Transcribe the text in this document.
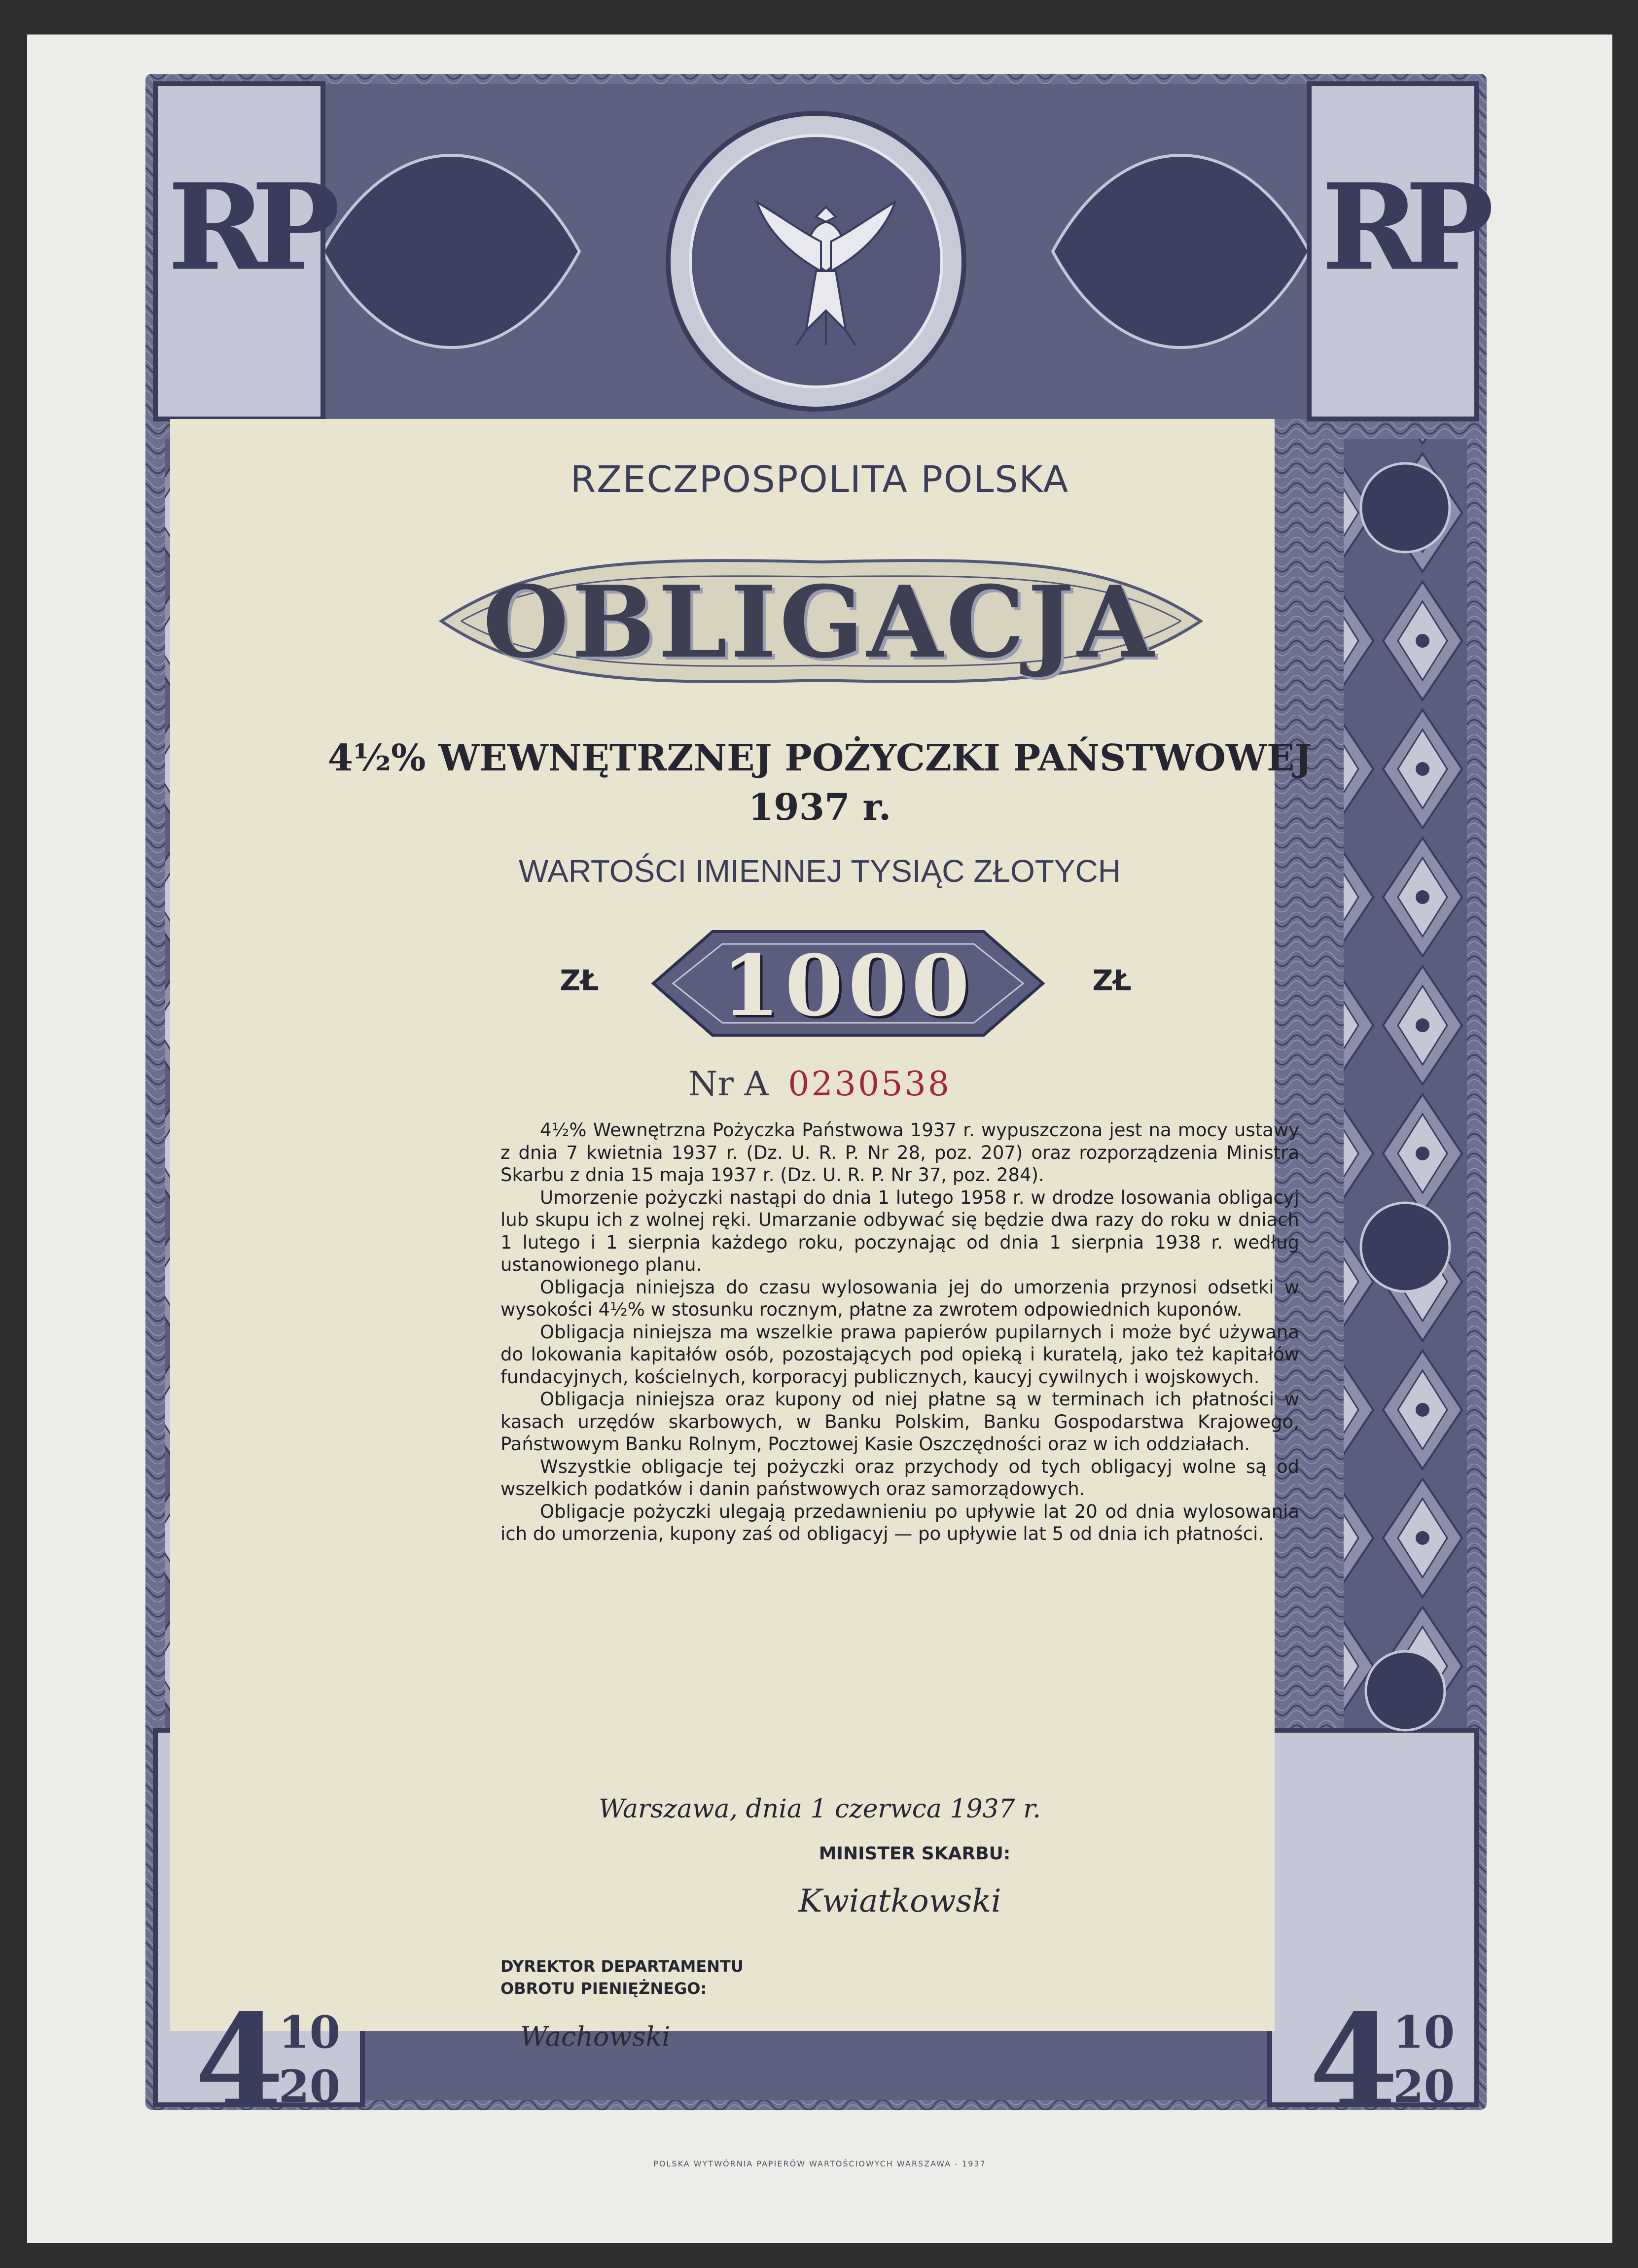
RP	RP
RZECZPOSPOLITA POLSKA
OBLIGACJA
4½% WEWNĘTRZNEJ POŻYCZKI PAŃSTWOWEJ
1937 r.
WARTOŚCI IMIENNEJ TYSIĄC ZŁOTYCH
ZŁ	1000	ZŁ
Nr A 0230538

4½% Wewnętrzna Pożyczka Państwowa 1937 r. wypuszczona jest na mocy ustawy z dnia 7 kwietnia 1937 r. (Dz. U. R. P. Nr 28, poz. 207) oraz rozporządzenia Ministra Skarbu z dnia 15 maja 1937 r. (Dz. U. R. P. Nr 37, poz. 284).

Umorzenie pożyczki nastąpi do dnia 1 lutego 1958 r. w drodze losowania obligacyj lub skupu ich z wolnej ręki. Umarzanie odbywać się będzie dwa razy do roku w dniach 1 lutego i 1 sierpnia każdego roku, poczynając od dnia 1 sierpnia 1938 r. według ustanowionego planu.

Obligacja niniejsza do czasu wylosowania jej do umorzenia przynosi odsetki w wysokości 4½% w stosunku rocznym, płatne za zwrotem odpowiednich kuponów.

Obligacja niniejsza ma wszelkie prawa papierów pupilarnych i może być używana do lokowania kapitałów osób, pozostających pod opieką i kuratelą, jako też kapitałów fundacyjnych, kościelnych, korporacyj publicznych, kaucyj cywilnych i wojskowych.

Obligacja niniejsza oraz kupony od niej płatne są w terminach ich płatności w kasach urzędów skarbowych, w Banku Polskim, Banku Gospodarstwa Krajowego, Państwowym Banku Rolnym, Pocztowej Kasie Oszczędności oraz w ich oddziałach.

Wszystkie obligacje tej pożyczki oraz przychody od tych obligacyj wolne są od wszelkich podatków i danin państwowych oraz samorządowych.

Obligacje pożyczki ulegają przedawnieniu po upływie lat 20 od dnia wylosowania ich do umorzenia, kupony zaś od obligacyj — po upływie lat 5 od dnia ich płatności.

Warszawa, dnia 1 czerwca 1937 r.
MINISTER SKARBU:
Kwiatkowski
DYREKTOR DEPARTAMENTU
OBROTU PIENIĘŻNEGO:
Wachowski
4
10
20	4
10
20
POLSKA WYTWÓRNIA PAPIERÓW WARTOŚCIOWYCH WARSZAWA - 1937
